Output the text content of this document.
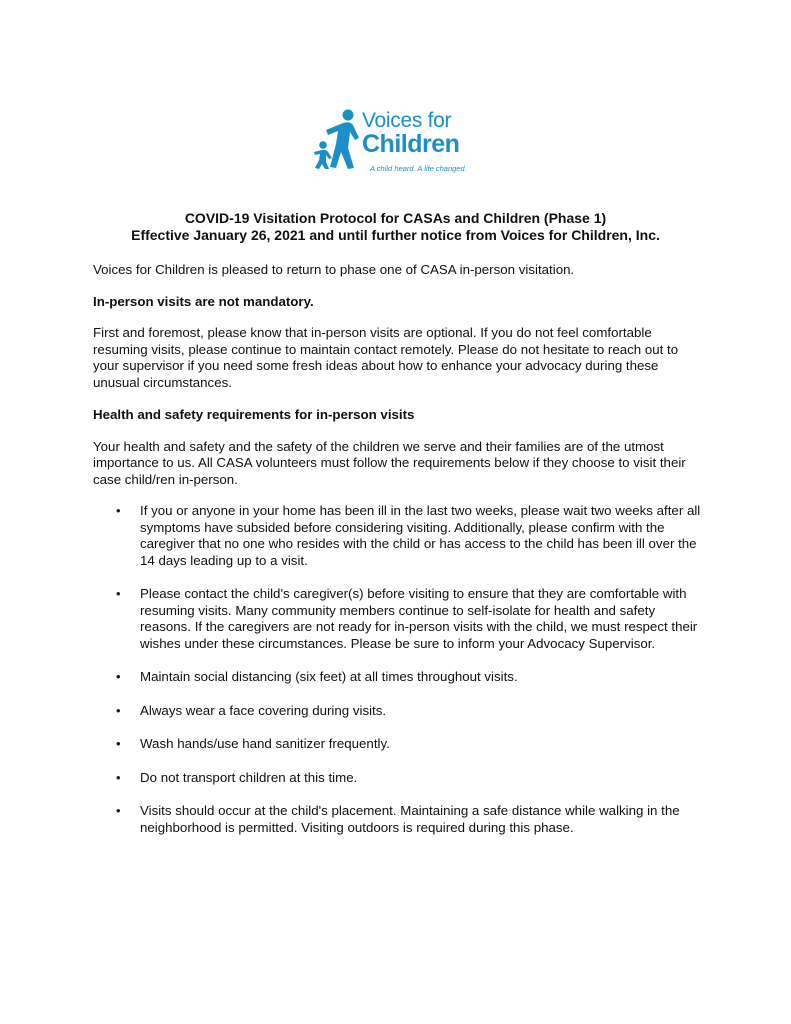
Voices for
Children
A child heard. A life changed.
COVID-19 Visitation Protocol for CASAs and Children (Phase 1)
Effective January 26, 2021 and until further notice from Voices for Children, Inc.

Voices for Children is pleased to return to phase one of CASA in-person visitation.

In-person visits are not mandatory.

First and foremost, please know that in-person visits are optional. If you do not feel comfortable resuming visits, please continue to maintain contact remotely. Please do not hesitate to reach out to your supervisor if you need some fresh ideas about how to enhance your advocacy during these unusual circumstances.

Health and safety requirements for in-person visits

Your health and safety and the safety of the children we serve and their families are of the utmost importance to us. All CASA volunteers must follow the requirements below if they choose to visit their case child/ren in-person.

• If you or anyone in your home has been ill in the last two weeks, please wait two weeks after all symptoms have subsided before considering visiting. Additionally, please confirm with the caregiver that no one who resides with the child or has access to the child has been ill over the 14 days leading up to a visit.
• Please contact the child's caregiver(s) before visiting to ensure that they are comfortable with resuming visits. Many community members continue to self-isolate for health and safety reasons. If the caregivers are not ready for in-person visits with the child, we must respect their wishes under these circumstances. Please be sure to inform your Advocacy Supervisor.
• Maintain social distancing (six feet) at all times throughout visits.
• Always wear a face covering during visits.
• Wash hands/use hand sanitizer frequently.
• Do not transport children at this time.
• Visits should occur at the child's placement. Maintaining a safe distance while walking in the neighborhood is permitted. Visiting outdoors is required during this phase.
